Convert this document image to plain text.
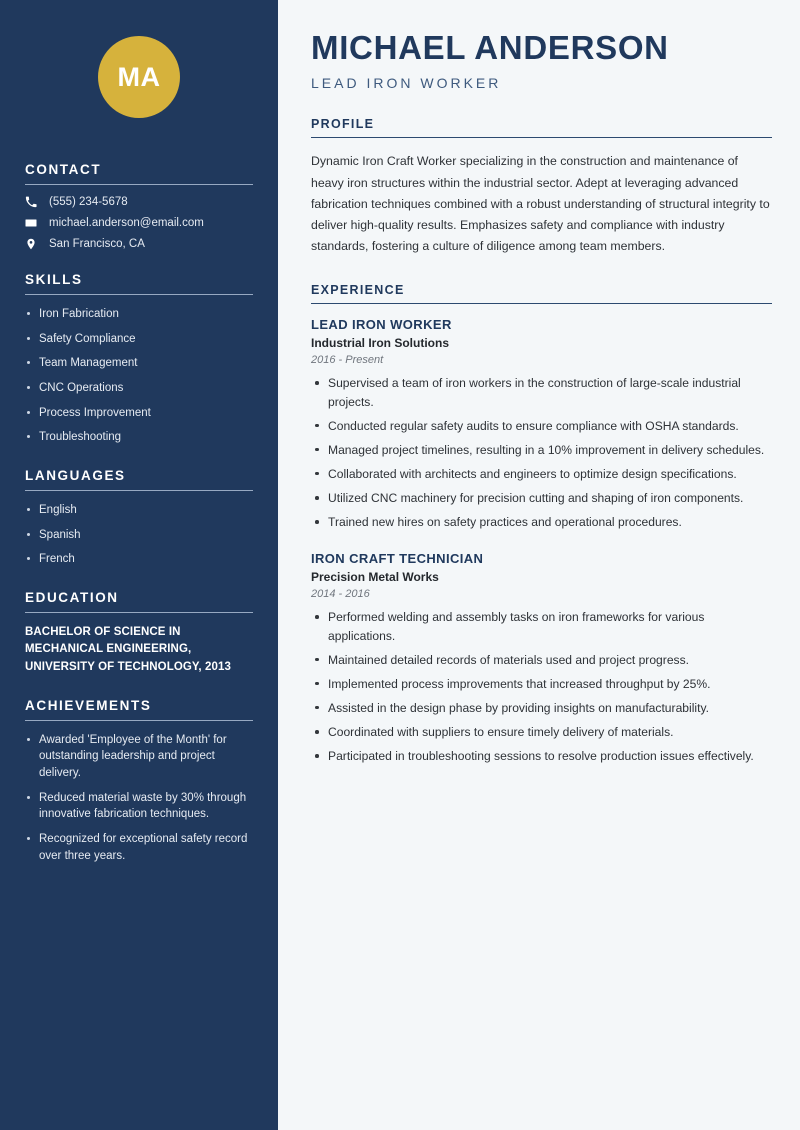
MA
CONTACT
(555) 234-5678
michael.anderson@email.com
San Francisco, CA
SKILLS
Iron Fabrication
Safety Compliance
Team Management
CNC Operations
Process Improvement
Troubleshooting
LANGUAGES
English
Spanish
French
EDUCATION
BACHELOR OF SCIENCE IN MECHANICAL ENGINEERING, UNIVERSITY OF TECHNOLOGY, 2013
ACHIEVEMENTS
Awarded 'Employee of the Month' for outstanding leadership and project delivery.
Reduced material waste by 30% through innovative fabrication techniques.
Recognized for exceptional safety record over three years.
MICHAEL ANDERSON

LEAD IRON WORKER

PROFILE

Dynamic Iron Craft Worker specializing in the construction and maintenance of heavy iron structures within the industrial sector. Adept at leveraging advanced fabrication techniques combined with a robust understanding of structural integrity to deliver high-quality results. Emphasizes safety and compliance with industry standards, fostering a culture of diligence among team members.

EXPERIENCE
LEAD IRON WORKER
Industrial Iron Solutions
2016 - Present
Supervised a team of iron workers in the construction of large-scale industrial projects.
Conducted regular safety audits to ensure compliance with OSHA standards.
Managed project timelines, resulting in a 10% improvement in delivery schedules.
Collaborated with architects and engineers to optimize design specifications.
Utilized CNC machinery for precision cutting and shaping of iron components.
Trained new hires on safety practices and operational procedures.
IRON CRAFT TECHNICIAN
Precision Metal Works
2014 - 2016
Performed welding and assembly tasks on iron frameworks for various applications.
Maintained detailed records of materials used and project progress.
Implemented process improvements that increased throughput by 25%.
Assisted in the design phase by providing insights on manufacturability.
Coordinated with suppliers to ensure timely delivery of materials.
Participated in troubleshooting sessions to resolve production issues effectively.
